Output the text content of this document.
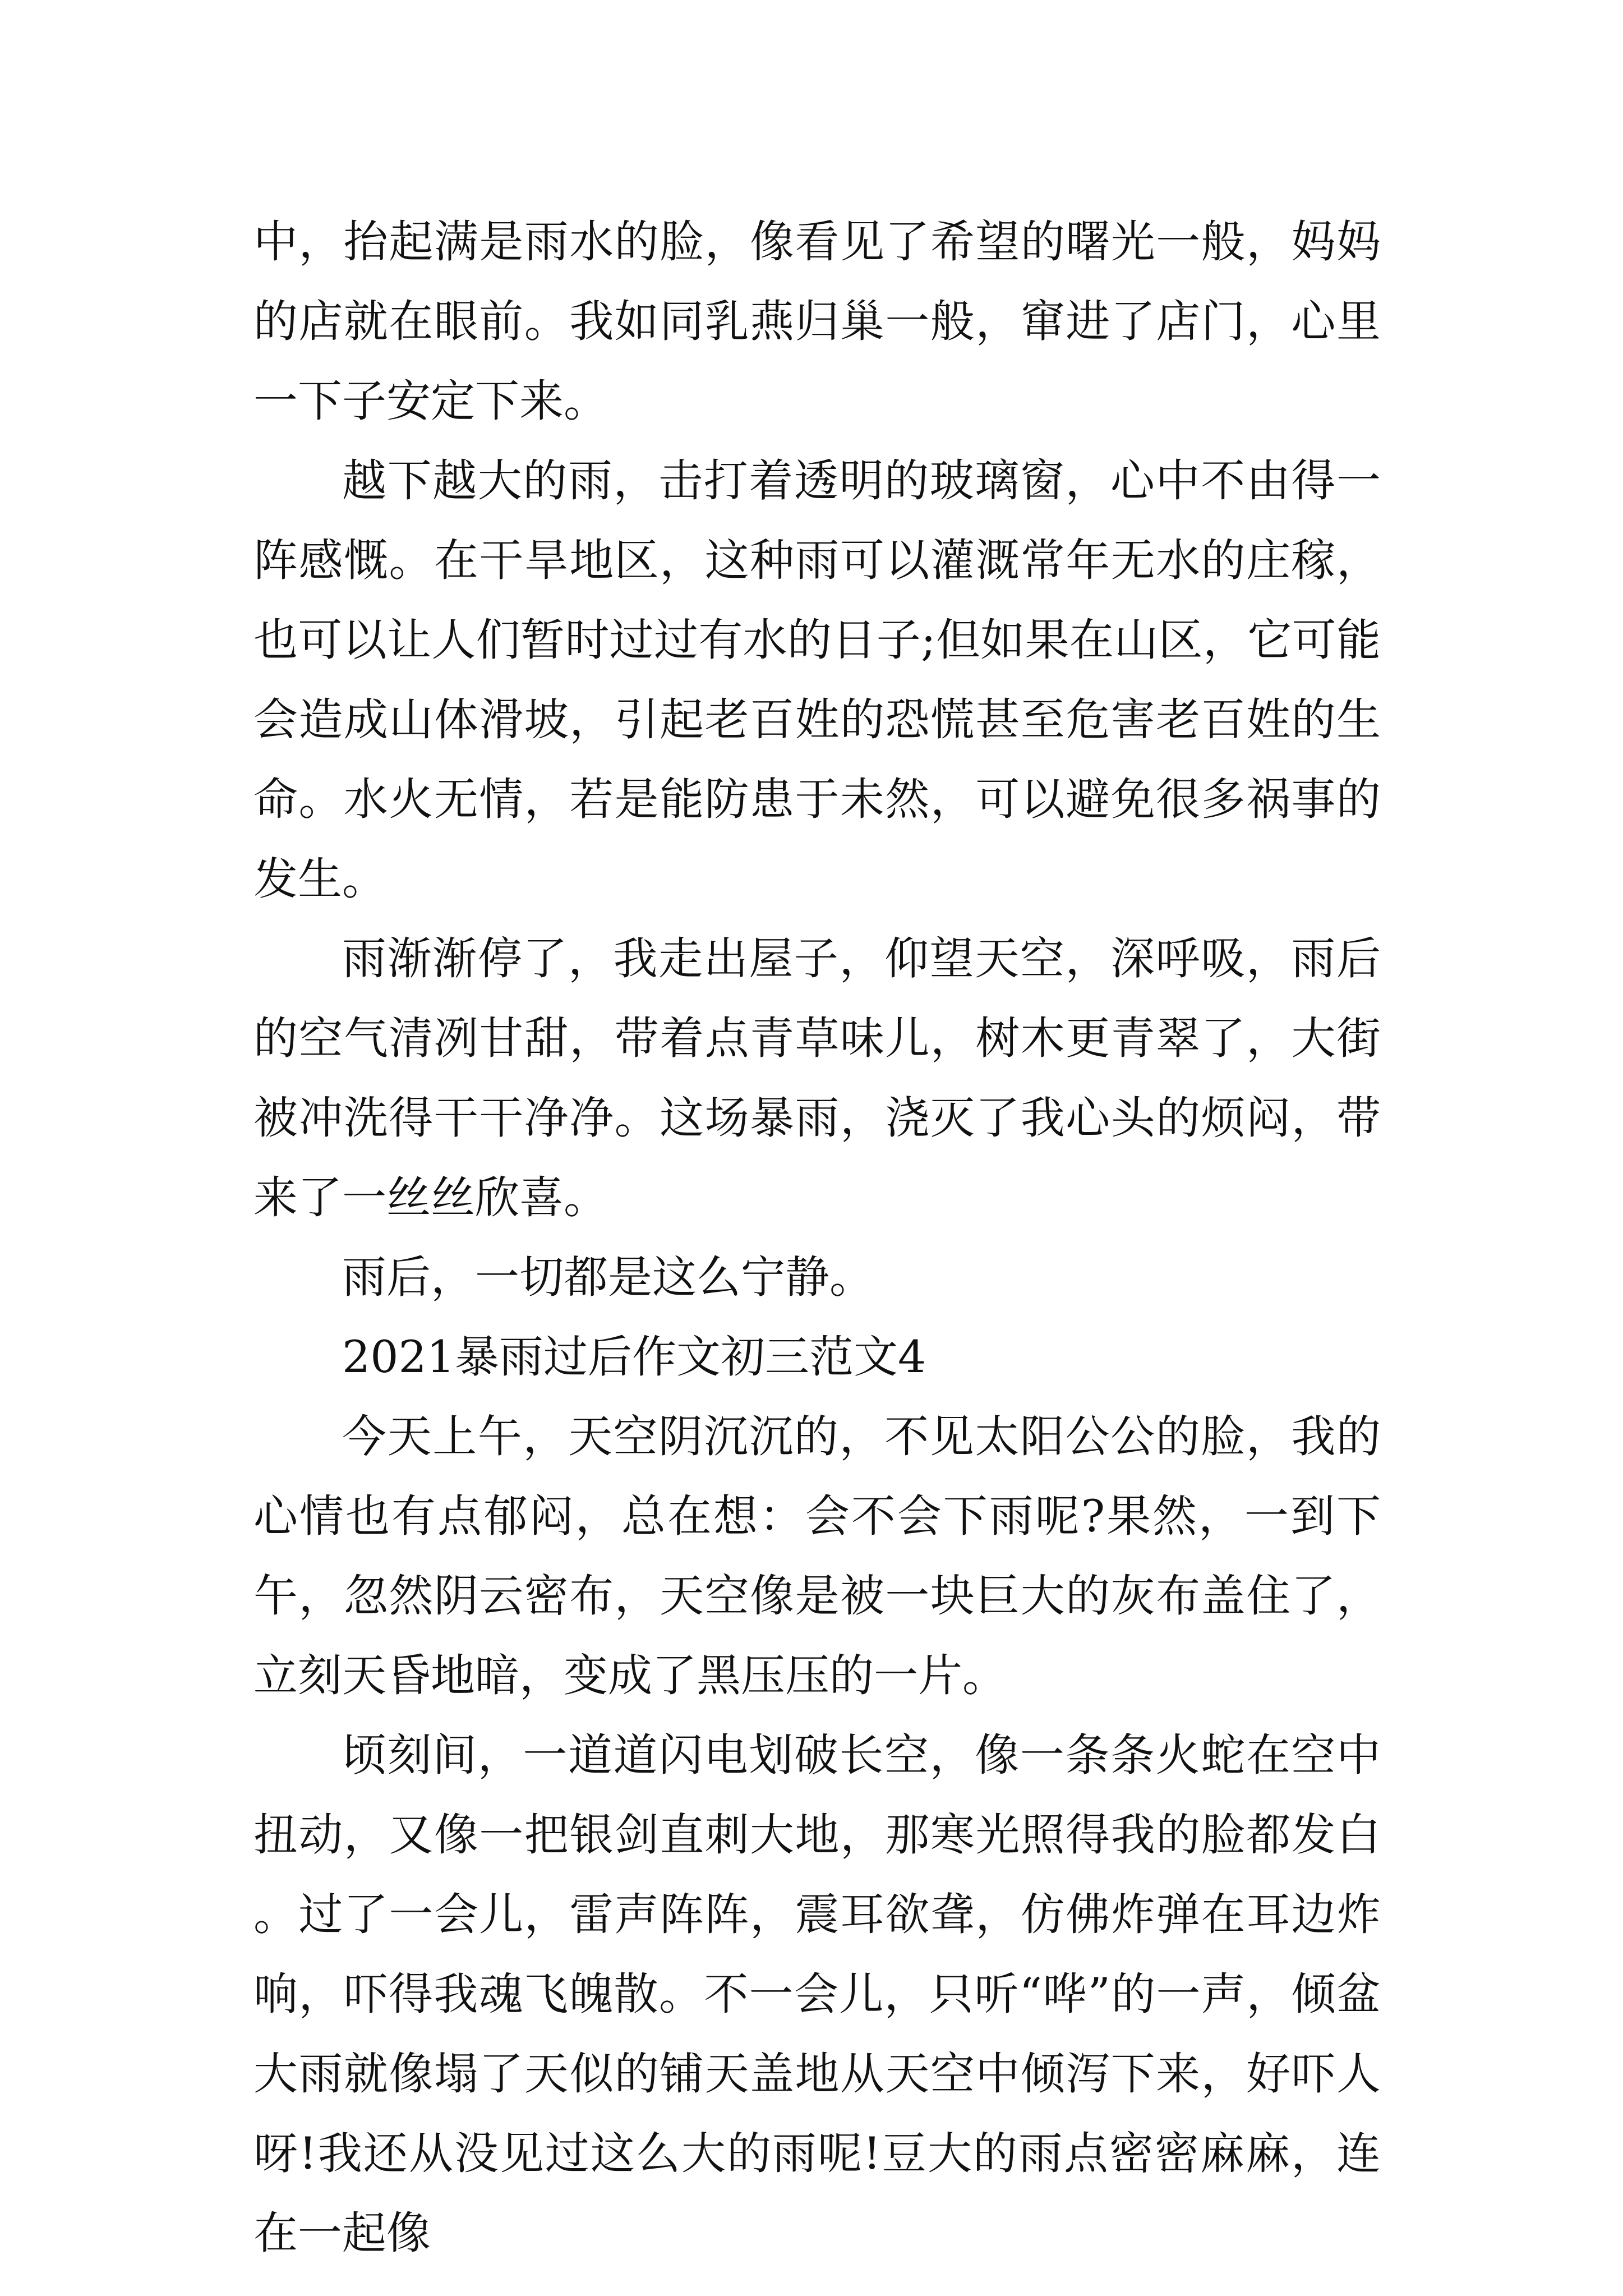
中，抬起满是雨水的脸，像看见了希望的曙光一般，妈妈的店就在眼前。我如同乳燕归巢一般，窜进了店门，心里一下子安定下来。

越下越大的雨，击打着透明的玻璃窗，心中不由得一阵感慨。在干旱地区，这种雨可以灌溉常年无水的庄稼，也可以让人们暂时过过有水的日子;但如果在山区，它可能会造成山体滑坡，引起老百姓的恐慌甚至危害老百姓的生命。水火无情，若是能防患于未然，可以避免很多祸事的发生。

雨渐渐停了，我走出屋子，仰望天空，深呼吸，雨后的空气清冽甘甜，带着点青草味儿，树木更青翠了，大街被冲洗得干干净净。这场暴雨，浇灭了我心头的烦闷，带来了一丝丝欣喜。

雨后，一切都是这么宁静。

2021暴雨过后作文初三范文4

今天上午，天空阴沉沉的，不见太阳公公的脸，我的心情也有点郁闷，总在想：会不会下雨呢?果然，一到下午，忽然阴云密布，天空像是被一块巨大的灰布盖住了，立刻天昏地暗，变成了黑压压的一片。

顷刻间，一道道闪电划破长空，像一条条火蛇在空中扭动，又像一把银剑直刺大地，那寒光照得我的脸都发白。过了一会儿，雷声阵阵，震耳欲聋，仿佛炸弹在耳边炸响，吓得我魂飞魄散。不一会儿，只听“哗”的一声，倾盆大雨就像塌了天似的铺天盖地从天空中倾泻下来，好吓人呀!我还从没见过这么大的雨呢!豆大的雨点密密麻麻，连在一起像
